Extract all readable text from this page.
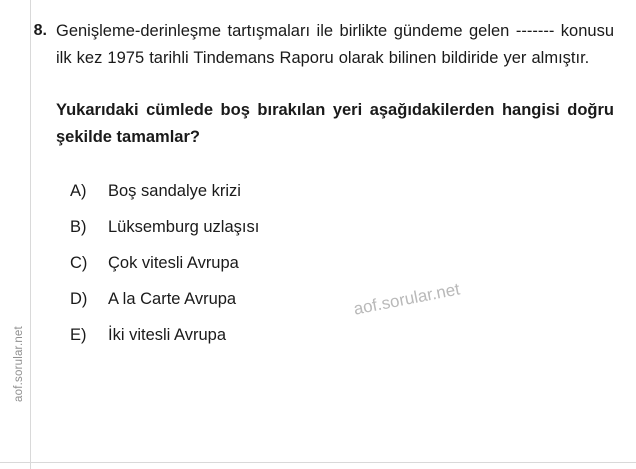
aof.sorular.net
8. Genişleme-derinleşme tartışmaları ile birlikte gündeme gelen ------- konusu ilk kez 1975 tarihli Tindemans Raporu olarak bilinen bildiride yer almıştır.
Yukarıdaki cümlede boş bırakılan yeri aşağıdakilerden hangisi doğru şekilde tamamlar?
A)	Boş sandalye krizi
B)	Lüksemburg uzlaşısı
C)	Çok vitesli Avrupa
D)	A la Carte Avrupa
E)	İki vitesli Avrupa
aof.sorular.net
